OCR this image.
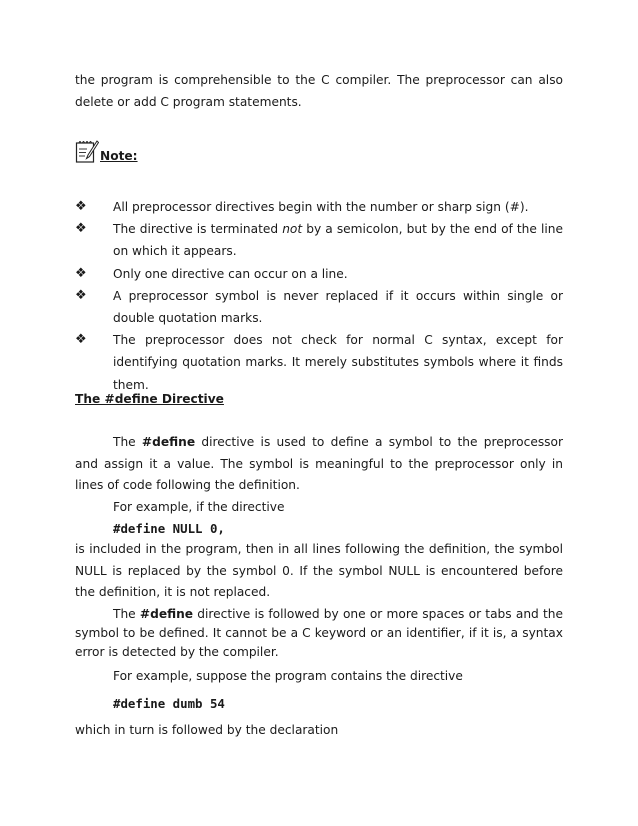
the program is comprehensible to the C compiler. The preprocessor can also delete or add C program statements.

Note:
❖ All preprocessor directives begin with the number or sharp sign (#).
❖ The directive is terminated not by a semicolon, but by the end of the line on which it appears.
❖ Only one directive can occur on a line.
❖ A preprocessor symbol is never replaced if it occurs within single or double quotation marks.
❖ The preprocessor does not check for normal C syntax, except for identifying quotation marks. It merely substitutes symbols where it finds them.
The #define Directive

The #define directive is used to define a symbol to the preprocessor and assign it a value. The symbol is meaningful to the preprocessor only in lines of code following the definition.

For example, if the directive
#define NULL 0,

is included in the program, then in all lines following the definition, the symbol NULL is replaced by the symbol 0. If the symbol NULL is encountered before the definition, it is not replaced.

The #define directive is followed by one or more spaces or tabs and the symbol to be defined. It cannot be a C keyword or an identifier, if it is, a syntax error is detected by the compiler.

For example, suppose the program contains the directive
#define dumb 54
which in turn is followed by the declaration
